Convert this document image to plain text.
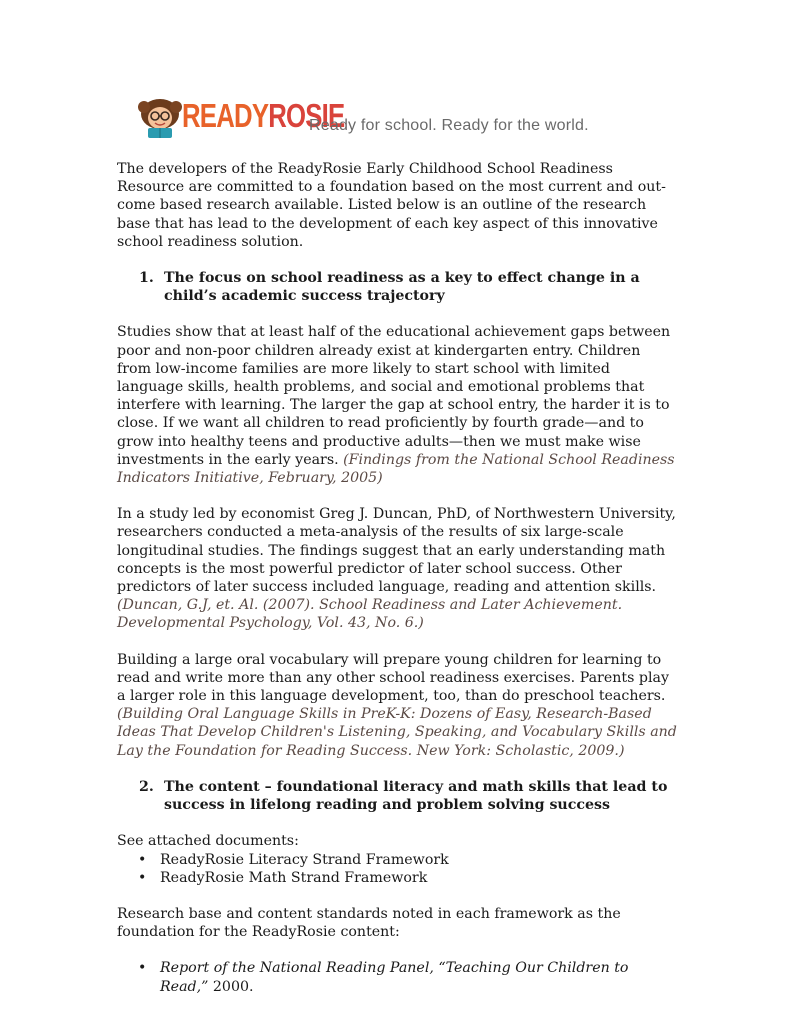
READYROSIE
Ready for school. Ready for the world.

The developers of the ReadyRosie Early Childhood School Readiness Resource are committed to a foundation based on the most current and out-come based research available. Listed below is an outline of the research base that has lead to the development of each key aspect of this innovative school readiness solution.

1. The focus on school readiness as a key to effect change in a child’s academic success trajectory

Studies show that at least half of the educational achievement gaps between poor and non-poor children already exist at kindergarten entry. Children from low-income families are more likely to start school with limited language skills, health problems, and social and emotional problems that interfere with learning. The larger the gap at school entry, the harder it is to close. If we want all children to read proficiently by fourth grade—and to grow into healthy teens and productive adults—then we must make wise investments in the early years. (Findings from the National School Readiness Indicators Initiative, February, 2005)

In a study led by economist Greg J. Duncan, PhD, of Northwestern University, researchers conducted a meta-analysis of the results of six large-scale longitudinal studies. The findings suggest that an early understanding math concepts is the most powerful predictor of later school success. Other predictors of later success included language, reading and attention skills. (Duncan, G.J, et. Al. (2007). School Readiness and Later Achievement. Developmental Psychology, Vol. 43, No. 6.)

Building a large oral vocabulary will prepare young children for learning to read and write more than any other school readiness exercises. Parents play a larger role in this language development, too, than do preschool teachers. (Building Oral Language Skills in PreK-K: Dozens of Easy, Research-Based Ideas That Develop Children's Listening, Speaking, and Vocabulary Skills and Lay the Foundation for Reading Success. New York: Scholastic, 2009.)

2. The content – foundational literacy and math skills that lead to success in lifelong reading and problem solving success

See attached documents:

• ReadyRosie Literacy Strand Framework
• ReadyRosie Math Strand Framework

Research base and content standards noted in each framework as the foundation for the ReadyRosie content:

• Report of the National Reading Panel, “Teaching Our Children to Read,” 2000.
